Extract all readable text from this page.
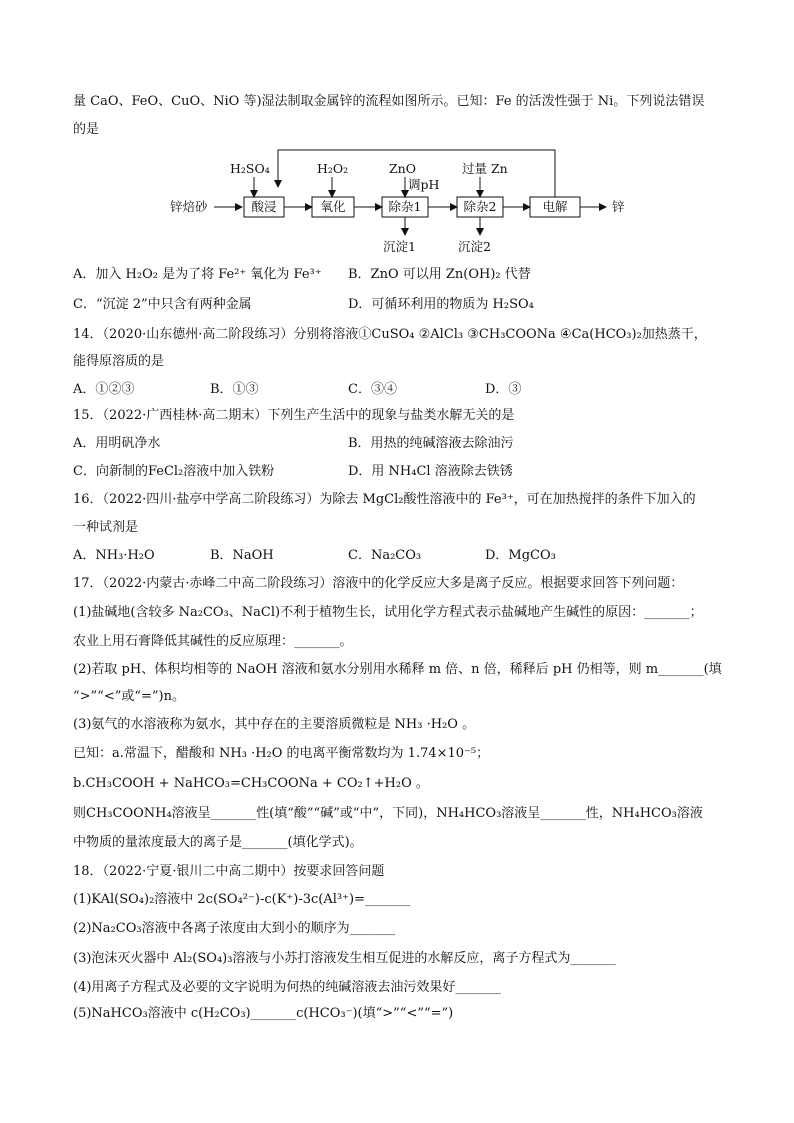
量 CaO、FeO、CuO、NiO 等)湿法制取金属锌的流程如图所示。已知：Fe 的活泼性强于 Ni。下列说法错误
的是
锌焙砂	酸浸	氧化	除杂1	除杂2	电解	锌
H₂SO₄	H₂O₂	ZnO
调pH
过量 Zn
沉淀1	沉淀2
A．加入 H₂O₂ 是为了将 Fe²⁺ 氧化为 Fe³⁺ B．ZnO 可以用 Zn(OH)₂ 代替
C．“沉淀 2”中只含有两种金属	D．可循环利用的物质为 H₂SO₄
14．（2020·山东德州·高二阶段练习）分别将溶液①CuSO₄ ②AlCl₃ ③CH₃COONa ④Ca(HCO₃)₂加热蒸干，
能得原溶质的是
A．①②③	B．①③	C．③④	D．③
15．（2022·广西桂林·高二期末）下列生产生活中的现象与盐类水解无关的是
A．用明矾净水	B．用热的纯碱溶液去除油污
C．向新制的FeCl₂溶液中加入铁粉	D．用 NH₄Cl 溶液除去铁锈
16．（2022·四川·盐亭中学高二阶段练习）为除去 MgCl₂酸性溶液中的 Fe³⁺，可在加热搅拌的条件下加入的
一种试剂是
A．NH₃·H₂O	B．NaOH	C．Na₂CO₃	D．MgCO₃
17．（2022·内蒙古·赤峰二中高二阶段练习）溶液中的化学反应大多是离子反应。根据要求回答下列问题：
(1)盐碱地(含较多 Na₂CO₃、NaCl)不利于植物生长，试用化学方程式表示盐碱地产生碱性的原因：_______；
农业上用石膏降低其碱性的反应原理：_______。
(2)若取 pH、体积均相等的 NaOH 溶液和氨水分别用水稀释 m 倍、n 倍，稀释后 pH 仍相等，则 m_______(填
“>”“<”或“=”)n。
(3)氨气的水溶液称为氨水，其中存在的主要溶质微粒是 NH₃ ·H₂O 。
已知：a.常温下，醋酸和 NH₃ ·H₂O 的电离平衡常数均为 1.74×10⁻⁵；
b.CH₃COOH + NaHCO₃=CH₃COONa + CO₂↑+H₂O 。
则CH₃COONH₄溶液呈_______性(填“酸”“碱”或“中”，下同)，NH₄HCO₃溶液呈_______性，NH₄HCO₃溶液
中物质的量浓度最大的离子是_______(填化学式)。
18．（2022·宁夏·银川二中高二期中）按要求回答问题
(1)KAl(SO₄)₂溶液中 2c(SO₄²⁻)-c(K⁺)-3c(Al³⁺)=_______
(2)Na₂CO₃溶液中各离子浓度由大到小的顺序为_______
(3)泡沫灭火器中 Al₂(SO₄)₃溶液与小苏打溶液发生相互促进的水解反应，离子方程式为_______
(4)用离子方程式及必要的文字说明为何热的纯碱溶液去油污效果好_______
(5)NaHCO₃溶液中 c(H₂CO₃)_______c(HCO₃⁻)(填“>”“<”“=”)
